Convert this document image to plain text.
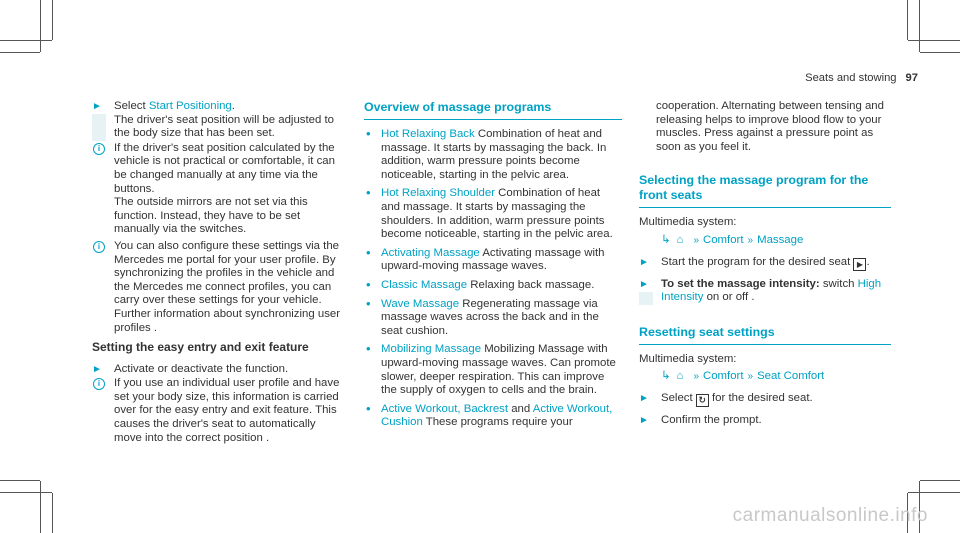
Seats and stowing 97
► Select Start Positioning.
The driver's seat position will be adjusted to the body size that has been set.
i	If the driver's seat position calculated by the vehicle is not practical or comfortable, it can be changed manually at any time via the buttons.
The outside mirrors are not set via this function. Instead, they have to be set manually via the switches.
i	You can also configure these settings via the Mercedes me portal for your user profile. By synchronizing the profiles in the vehicle and the Mercedes me connect profiles, you can carry over these settings for your vehicle. Further information about synchronizing user profiles .
Setting the easy entry and exit feature
► Activate or deactivate the function.
i	If you use an individual user profile and have set your body size, this information is carried over for the easy entry and exit feature. This causes the driver's seat to automatically move into the correct position .
Overview of massage programs
• Hot Relaxing Back Combination of heat and massage. It starts by massaging the back. In addition, warm pressure points become noticeable, starting in the pelvic area.
• Hot Relaxing Shoulder Combination of heat and massage. It starts by massaging the shoulders. In addition, warm pressure points become noticeable, starting in the pelvic area.
• Activating Massage Activating massage with upward-moving massage waves.
• Classic Massage Relaxing back massage.
• Wave Massage Regenerating massage via massage waves across the back and in the seat cushion.
• Mobilizing Massage Mobilizing Massage with upward-moving massage waves. Can promote slower, deeper respiration. This can improve the supply of oxygen to cells and the brain.
• Active Workout, Backrest and Active Workout, Cushion These programs require your
cooperation. Alternating between tensing and releasing helps to improve blood flow to your muscles. Press against a pressure point as soon as you feel it.
Selecting the massage program for the front seats
Multimedia system:
↳ ⌂ » Comfort » Massage
► Start the program for the desired seat ▶ .
► To set the massage intensity: switch High Intensity on or off .
Resetting seat settings
Multimedia system:
↳ ⌂ » Comfort » Seat Comfort
► Select ↻ for the desired seat.
► Confirm the prompt.
carmanualsonline.info
